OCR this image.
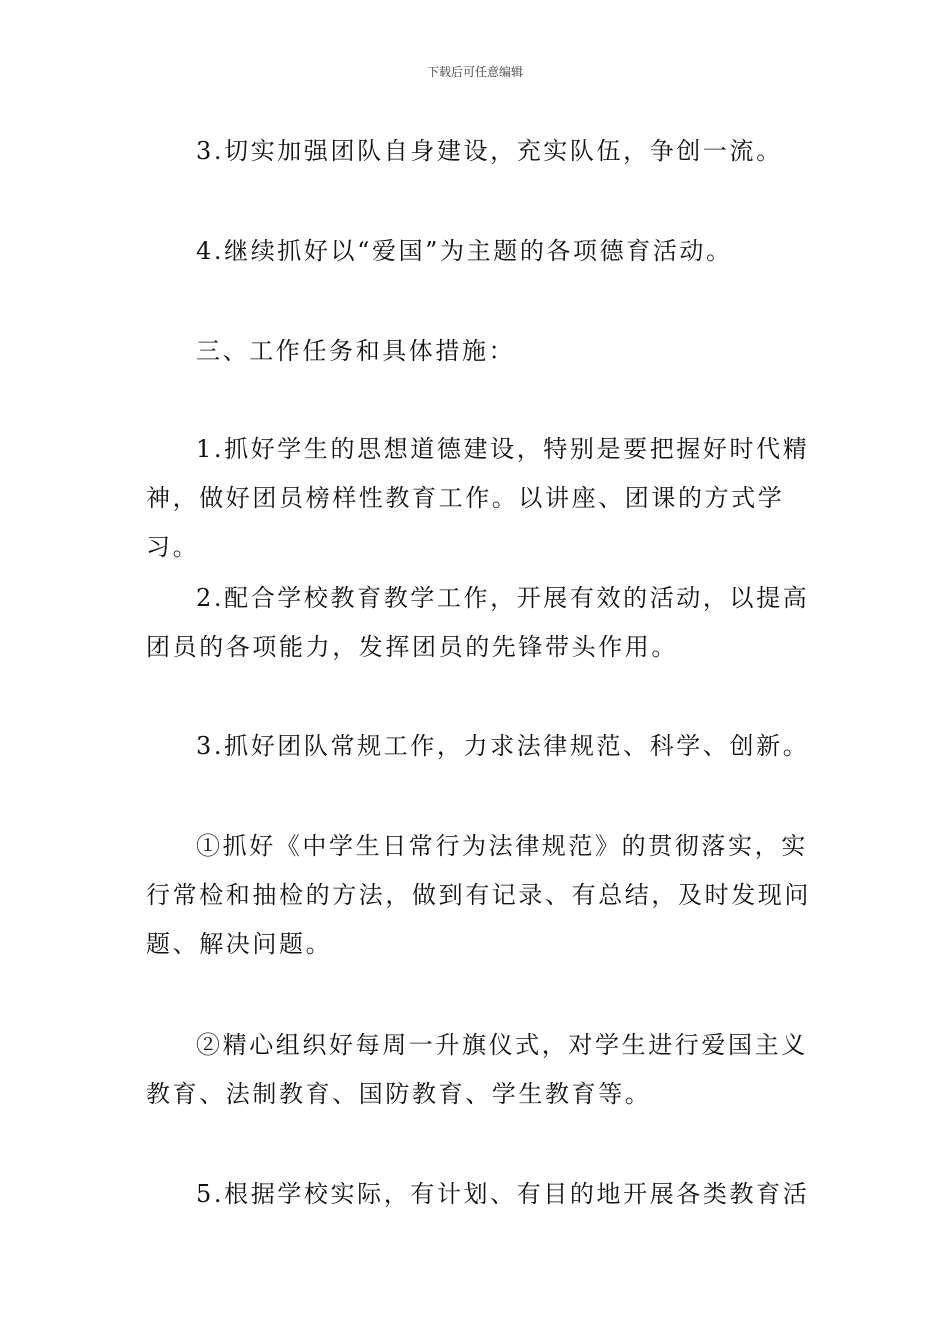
下载后可任意编辑

3.切实加强团队自身建设，充实队伍，争创一流。

4.继续抓好以“爱国”为主题的各项德育活动。

三、工作任务和具体措施：

1.抓好学生的思想道德建设，特别是要把握好时代精神，做好团员榜样性教育工作。以讲座、团课的方式学习。

2.配合学校教育教学工作，开展有效的活动，以提高团员的各项能力，发挥团员的先锋带头作用。

3.抓好团队常规工作，力求法律规范、科学、创新。

①抓好《中学生日常行为法律规范》的贯彻落实，实行常检和抽检的方法，做到有记录、有总结，及时发现问题、解决问题。

②精心组织好每周一升旗仪式，对学生进行爱国主义教育、法制教育、国防教育、学生教育等。

5.根据学校实际，有计划、有目的地开展各类教育活
